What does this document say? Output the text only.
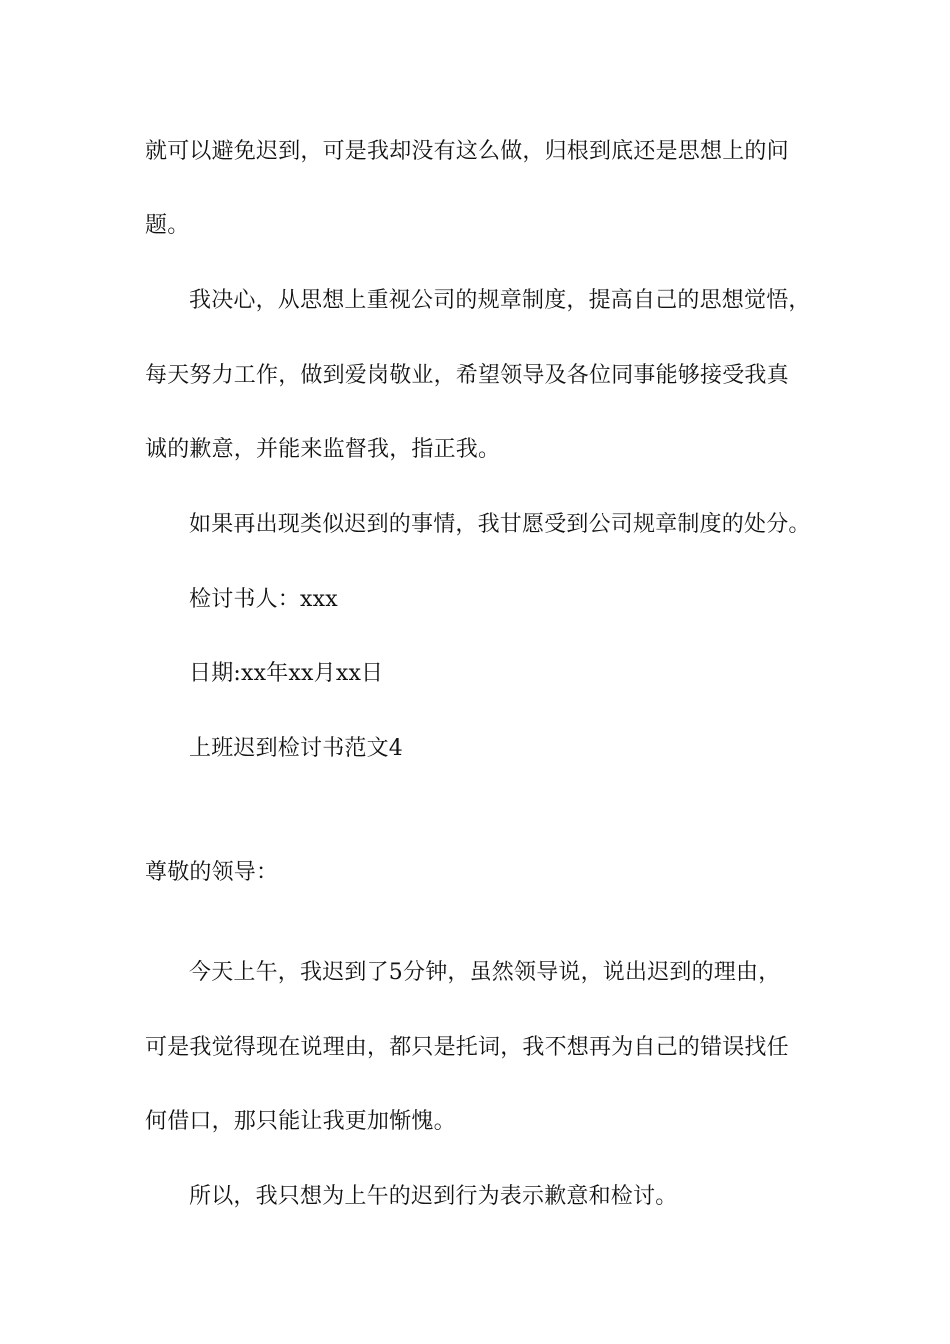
就可以避免迟到，可是我却没有这么做，归根到底还是思想上的问
题。
我决心，从思想上重视公司的规章制度，提高自己的思想觉悟，
每天努力工作，做到爱岗敬业，希望领导及各位同事能够接受我真
诚的歉意，并能来监督我，指正我。
如果再出现类似迟到的事情，我甘愿受到公司规章制度的处分。
检讨书人：xxx
日期:xx年xx月xx日
上班迟到检讨书范文4
尊敬的领导：
今天上午，我迟到了5分钟，虽然领导说，说出迟到的理由，
可是我觉得现在说理由，都只是托词，我不想再为自己的错误找任
何借口，那只能让我更加惭愧。
所以，我只想为上午的迟到行为表示歉意和检讨。
